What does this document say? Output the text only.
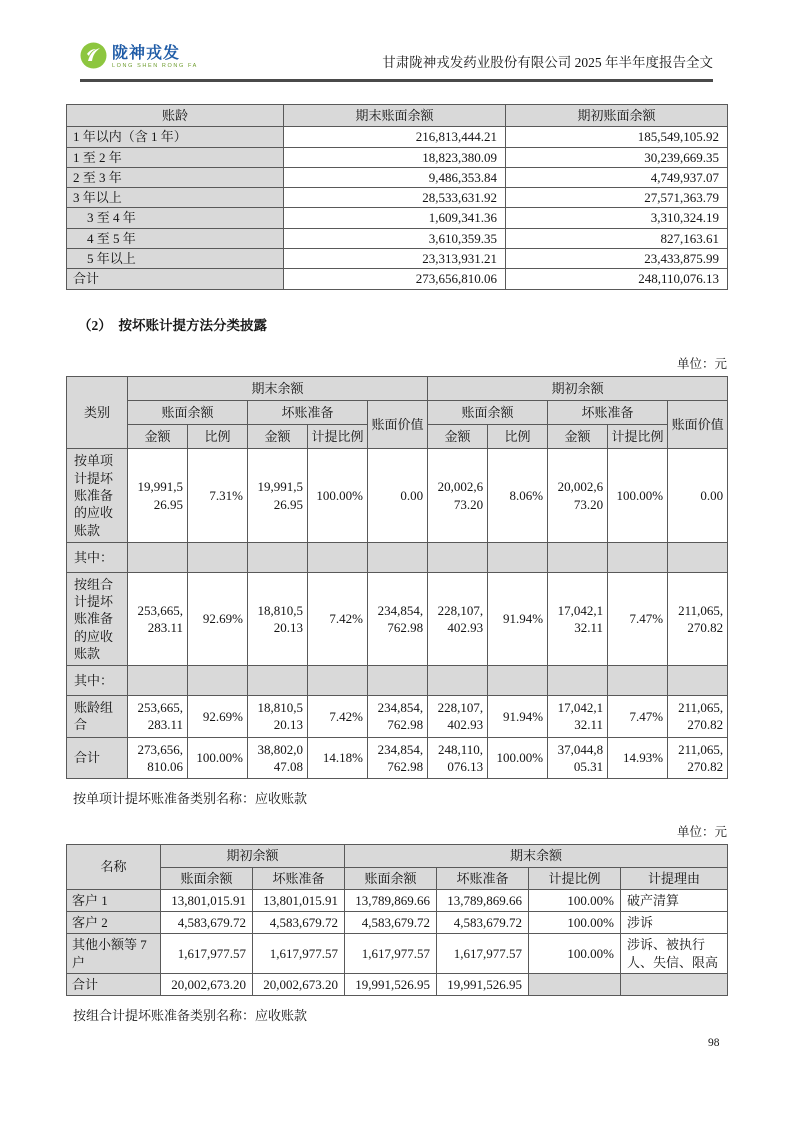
陇神戎发
LONG SHEN RONG FA	甘肃陇神戎发药业股份有限公司 2025 年半年度报告全文
账龄	期末账面余额	期初账面余额
1 年以内（含 1 年）	216,813,444.21	185,549,105.92
1 至 2 年	18,823,380.09	30,239,669.35
2 至 3 年	9,486,353.84	4,749,937.07
3 年以上	28,533,631.92	27,571,363.79
3 至 4 年	1,609,341.36	3,310,324.19
4 至 5 年	3,610,359.35	827,163.61
5 年以上	23,313,931.21	23,433,875.99
合计	273,656,810.06	248,110,076.13
（2）　按坏账计提方法分类披露
单位：元
类别	期末余额					期初余额				
	账面余额		坏账准备		账面价值	账面余额		坏账准备		账面价值
	金额	比例	金额	计提比例		金额	比例	金额	计提比例	
按单项计提坏账准备的应收账款	19,991,526.95	7.31%	19,991,526.95	100.00%	0.00	20,002,673.20	8.06%	20,002,673.20	100.00%	0.00
其中：										
按组合计提坏账准备的应收账款	253,665,283.11	92.69%	18,810,520.13	7.42%	234,854,762.98	228,107,402.93	91.94%	17,042,132.11	7.47%	211,065,270.82
其中：										
账龄组合	253,665,283.11	92.69%	18,810,520.13	7.42%	234,854,762.98	228,107,402.93	91.94%	17,042,132.11	7.47%	211,065,270.82
合计	273,656,810.06	100.00%	38,802,047.08	14.18%	234,854,762.98	248,110,076.13	100.00%	37,044,805.31	14.93%	211,065,270.82
按单项计提坏账准备类别名称：应收账款
单位：元
名称	期初余额		期末余额			
	账面余额	坏账准备	账面余额	坏账准备	计提比例	计提理由
客户 1	13,801,015.91	13,801,015.91	13,789,869.66	13,789,869.66	100.00%	破产清算
客户 2	4,583,679.72	4,583,679.72	4,583,679.72	4,583,679.72	100.00%	涉诉
其他小额等 7 户	1,617,977.57	1,617,977.57	1,617,977.57	1,617,977.57	100.00%	涉诉、被执行人、失信、限高
合计	20,002,673.20	20,002,673.20	19,991,526.95	19,991,526.95		
按组合计提坏账准备类别名称：应收账款
98
